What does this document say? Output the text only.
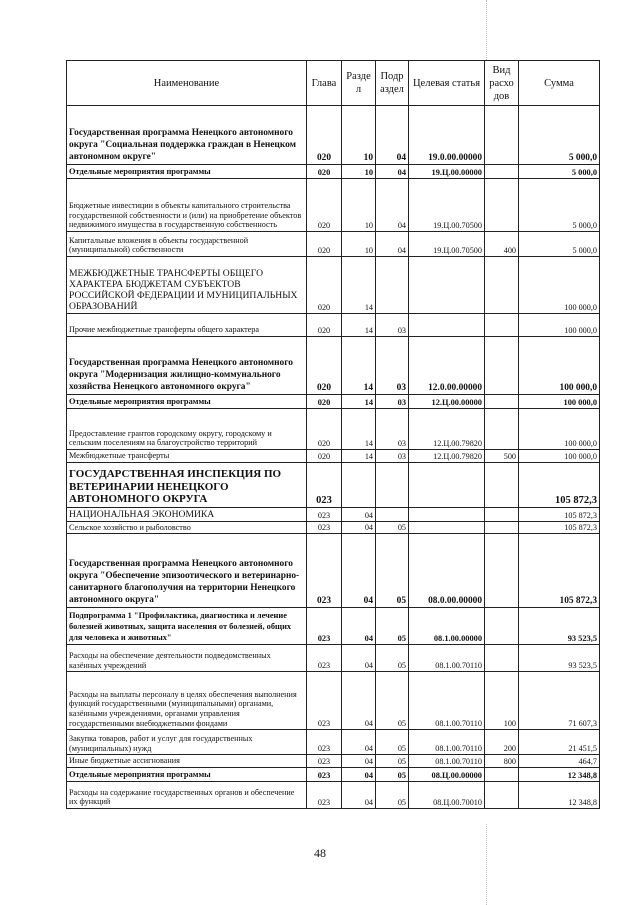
Наименование	Глава	Разде л	Подр аздел	Целевая статья	Вид расхо дов	Сумма
Государственная программа Ненецкого автономного округа "Социальная поддержка граждан в Ненецком автономном округе"	020	10	04	19.0.00.00000		5 000,0
Отдельные мероприятия программы	020	10	04	19.Ц.00.00000		5 000,0
Бюджетные инвестиции в объекты капитального строительства государственной собственности и (или) на приобретение объектов недвижимого имущества в государственную собственность	020	10	04	19.Ц.00.70500		5 000,0
Капитальные вложения в объекты государственной (муниципальной) собственности	020	10	04	19.Ц.00.70500	400	5 000,0
МЕЖБЮДЖЕТНЫЕ ТРАНСФЕРТЫ ОБЩЕГО ХАРАКТЕРА БЮДЖЕТАМ СУБЪЕКТОВ РОССИЙСКОЙ ФЕДЕРАЦИИ И МУНИЦИПАЛЬНЫХ ОБРАЗОВАНИЙ	020	14				100 000,0
Прочие межбюджетные трансферты общего характера	020	14	03			100 000,0
Государственная программа Ненецкого автономного округа "Модернизация жилищно-коммунального хозяйства Ненецкого автономного округа"	020	14	03	12.0.00.00000		100 000,0
Отдельные мероприятия программы	020	14	03	12.Ц.00.00000		100 000,0
Предоставление грантов городскому округу, городскому и сельским поселениям на благоустройство территорий	020	14	03	12.Ц.00.79820		100 000,0
Межбюджетные трансферты	020	14	03	12.Ц.00.79820	500	100 000,0
ГОСУДАРСТВЕННАЯ ИНСПЕКЦИЯ ПО ВЕТЕРИНАРИИ НЕНЕЦКОГО АВТОНОМНОГО ОКРУГА	023					105 872,3
НАЦИОНАЛЬНАЯ ЭКОНОМИКА	023	04				105 872,3
Сельское хозяйство и рыболовство	023	04	05			105 872,3
Государственная программа Ненецкого автономного округа "Обеспечение эпизоотического и ветеринарно-санитарного благополучия на территории Ненецкого автономного округа"	023	04	05	08.0.00.00000		105 872,3
Подпрограмма 1 "Профилактика, диагностика и лечение болезней животных, защита населения от болезней, общих для человека и животных"	023	04	05	08.1.00.00000		93 523,5
Расходы на обеспечение деятельности подведомственных казённых учреждений	023	04	05	08.1.00.70110		93 523,5
Расходы на выплаты персоналу в целях обеспечения выполнения функций государственными (муниципальными) органами, казёнными учреждениями, органами управления государственными внебюджетными фондами	023	04	05	08.1.00.70110	100	71 607,3
Закупка товаров, работ и услуг для государственных (муниципальных) нужд	023	04	05	08.1.00.70110	200	21 451,5
Иные бюджетные ассигнования	023	04	05	08.1.00.70110	800	464,7
Отдельные мероприятия программы	023	04	05	08.Ц.00.00000		12 348,8
Расходы на содержание государственных органов и обеспечение их функций	023	04	05	08.Ц.00.70010		12 348,8
48
